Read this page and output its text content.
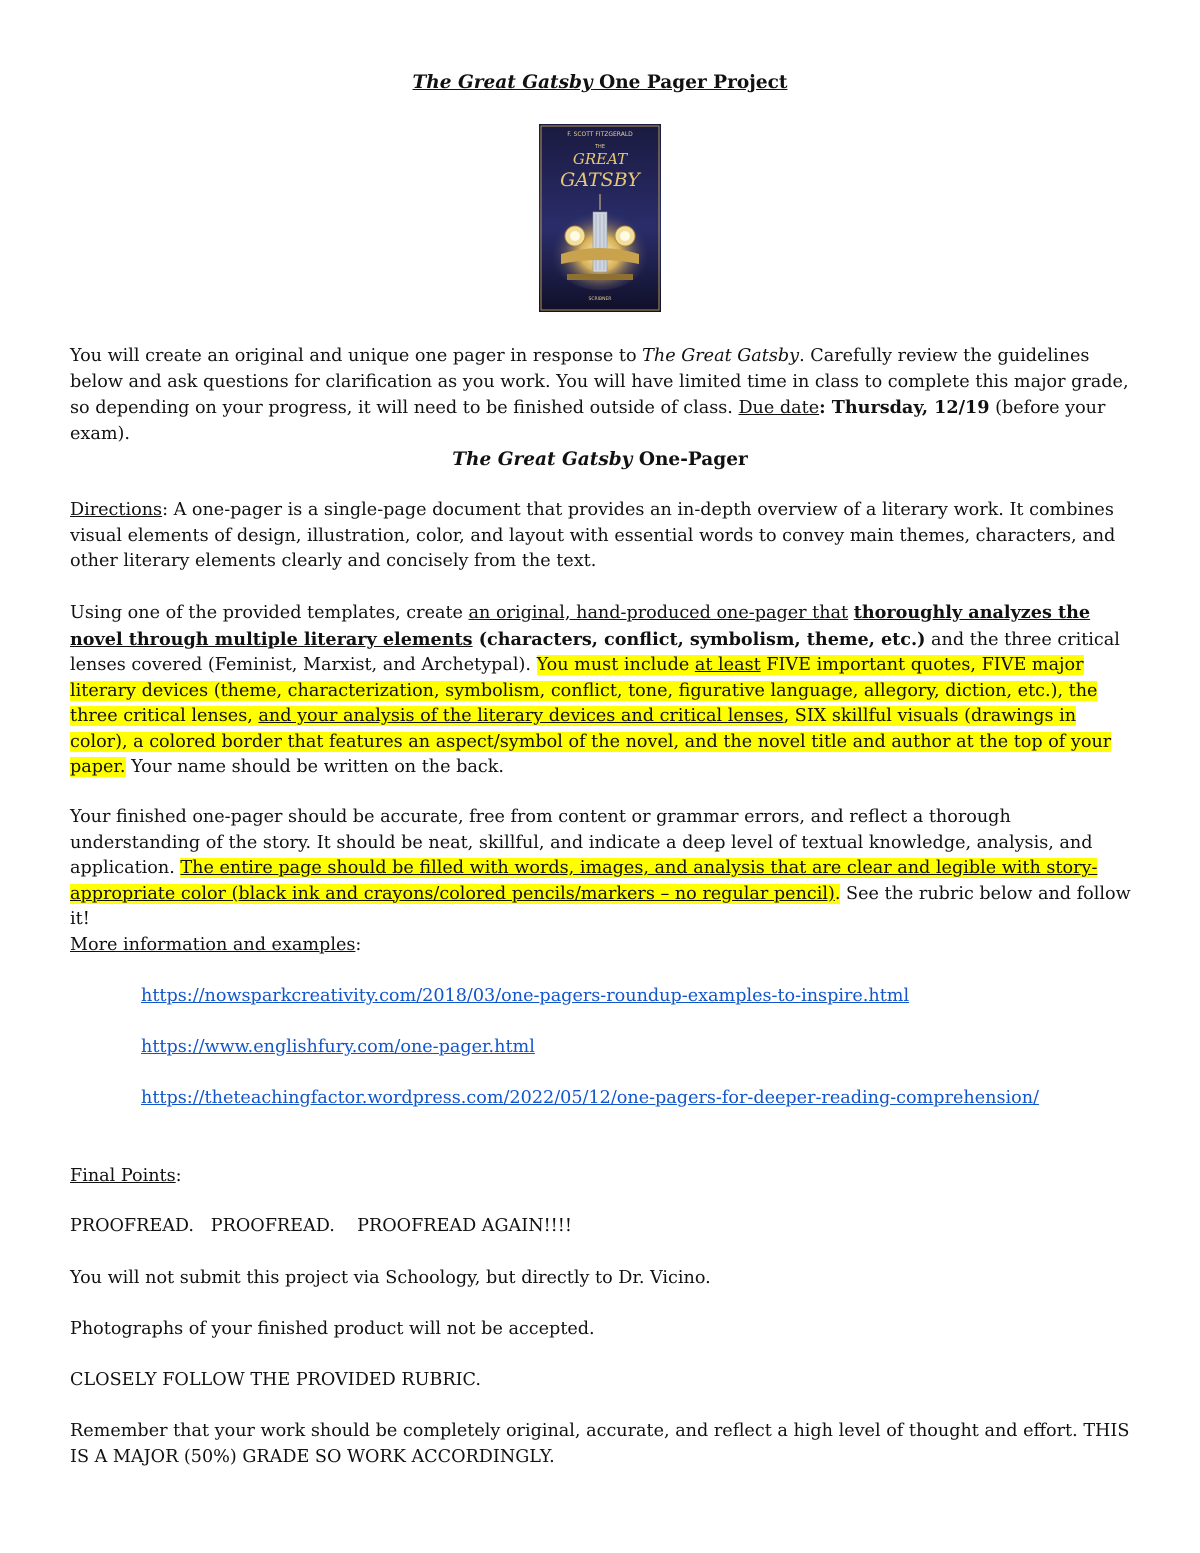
The Great Gatsby One Pager Project

F. SCOTT FITZGERALD
THE
GREAT
GATSBY
SCRIBNER

You will create an original and unique one pager in response to The Great Gatsby. Carefully review the guidelines below and ask questions for clarification as you work. You will have limited time in class to complete this major grade, so depending on your progress, it will need to be finished outside of class. Due date: Thursday, 12/19 (before your exam).

The Great Gatsby One-Pager

Directions: A one-pager is a single-page document that provides an in-depth overview of a literary work. It combines visual elements of design, illustration, color, and layout with essential words to convey main themes, characters, and other literary elements clearly and concisely from the text.

Using one of the provided templates, create an original, hand-produced one-pager that thoroughly analyzes the novel through multiple literary elements (characters, conflict, symbolism, theme, etc.) and the three critical lenses covered (Feminist, Marxist, and Archetypal). You must include at least FIVE important quotes, FIVE major literary devices (theme, characterization, symbolism, conflict, tone, figurative language, allegory, diction, etc.), the three critical lenses, and your analysis of the literary devices and critical lenses, SIX skillful visuals (drawings in color), a colored border that features an aspect/symbol of the novel, and the novel title and author at the top of your paper. Your name should be written on the back.

Your finished one-pager should be accurate, free from content or grammar errors, and reflect a thorough understanding of the story. It should be neat, skillful, and indicate a deep level of textual knowledge, analysis, and application. The entire page should be filled with words, images, and analysis that are clear and legible with story-appropriate color (black ink and crayons/colored pencils/markers – no regular pencil). See the rubric below and follow it!

More information and examples:

https://nowsparkcreativity.com/2018/03/one-pagers-roundup-examples-to-inspire.html
https://www.englishfury.com/one-pager.html
https://theteachingfactor.wordpress.com/2022/05/12/one-pagers-for-deeper-reading-comprehension/

Final Points:

PROOFREAD.   PROOFREAD.    PROOFREAD AGAIN!!!!

You will not submit this project via Schoology, but directly to Dr. Vicino.

Photographs of your finished product will not be accepted.

CLOSELY FOLLOW THE PROVIDED RUBRIC.

Remember that your work should be completely original, accurate, and reflect a high level of thought and effort. THIS IS A MAJOR (50%) GRADE SO WORK ACCORDINGLY.
